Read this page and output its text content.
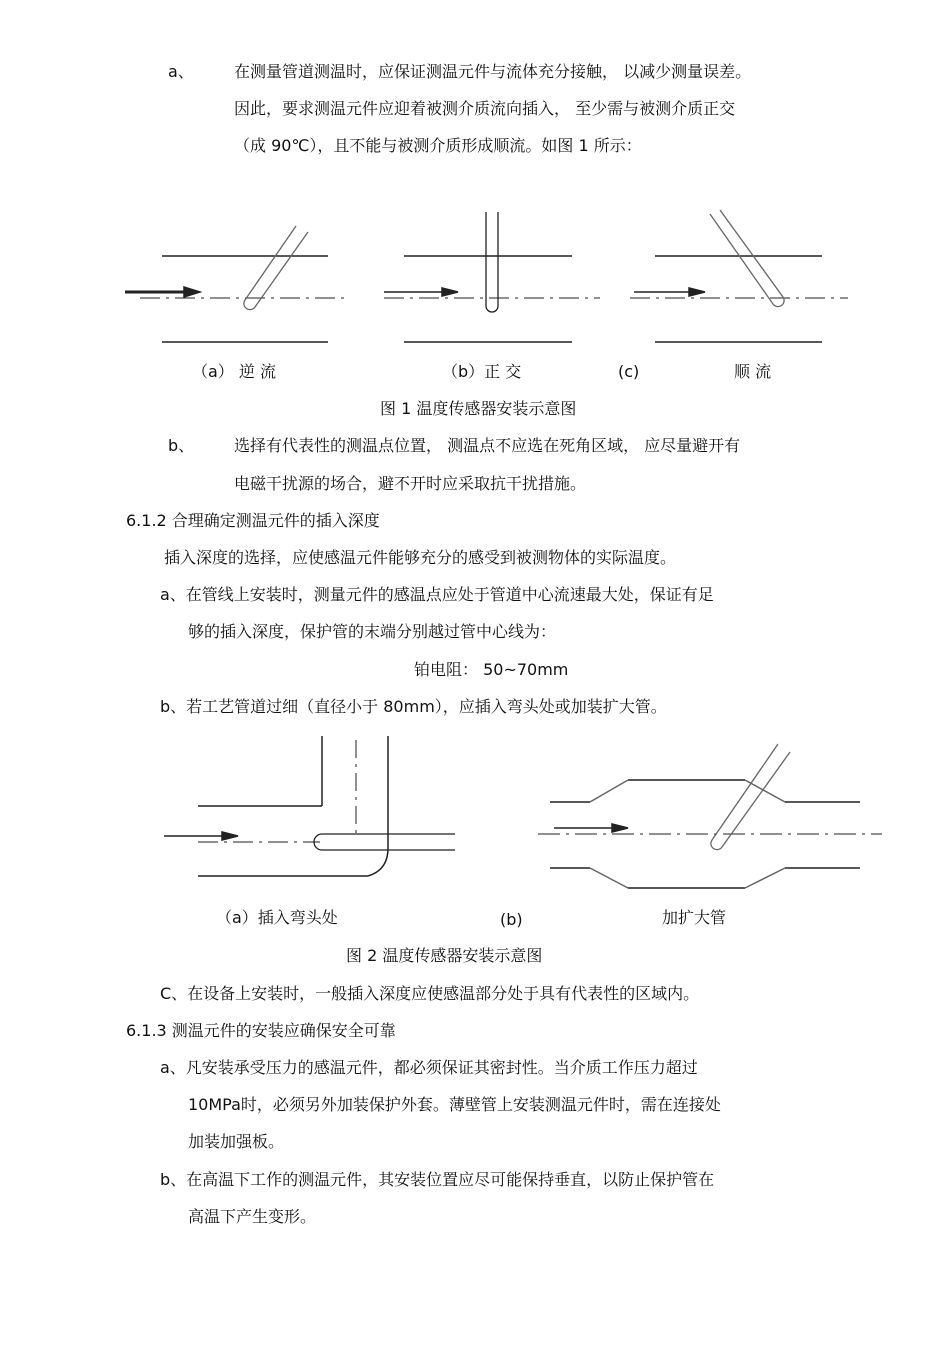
a、	在测量管道测温时，应保证测温元件与流体充分接触， 以减少测量误差。
因此，要求测温元件应迎着被测介质流向插入， 至少需与被测介质正交
（成 90℃），且不能与被测介质形成顺流。如图 1 所示：
（a） 逆 流	（b）正 交	(c)	顺 流
图 1 温度传感器安装示意图
b、 选择有代表性的测温点位置， 测温点不应选在死角区域， 应尽量避开有
电磁干扰源的场合，避不开时应采取抗干扰措施。
6.1.2 合理确定测温元件的插入深度
插入深度的选择，应使感温元件能够充分的感受到被测物体的实际温度。
a、在管线上安装时，测量元件的感温点应处于管道中心流速最大处，保证有足
够的插入深度，保护管的末端分别越过管中心线为：
铂电阻： 50~70mm
b、若工艺管道过细（直径小于 80mm），应插入弯头处或加装扩大管。
（a）插入弯头处	(b)	加扩大管
图 2 温度传感器安装示意图
C、在设备上安装时，一般插入深度应使感温部分处于具有代表性的区域内。
6.1.3 测温元件的安装应确保安全可靠
a、凡安装承受压力的感温元件，都必须保证其密封性。当介质工作压力超过
10MPa时，必须另外加装保护外套。薄壁管上安装测温元件时，需在连接处
加装加强板。
b、在高温下工作的测温元件，其安装位置应尽可能保持垂直，以防止保护管在
高温下产生变形。
